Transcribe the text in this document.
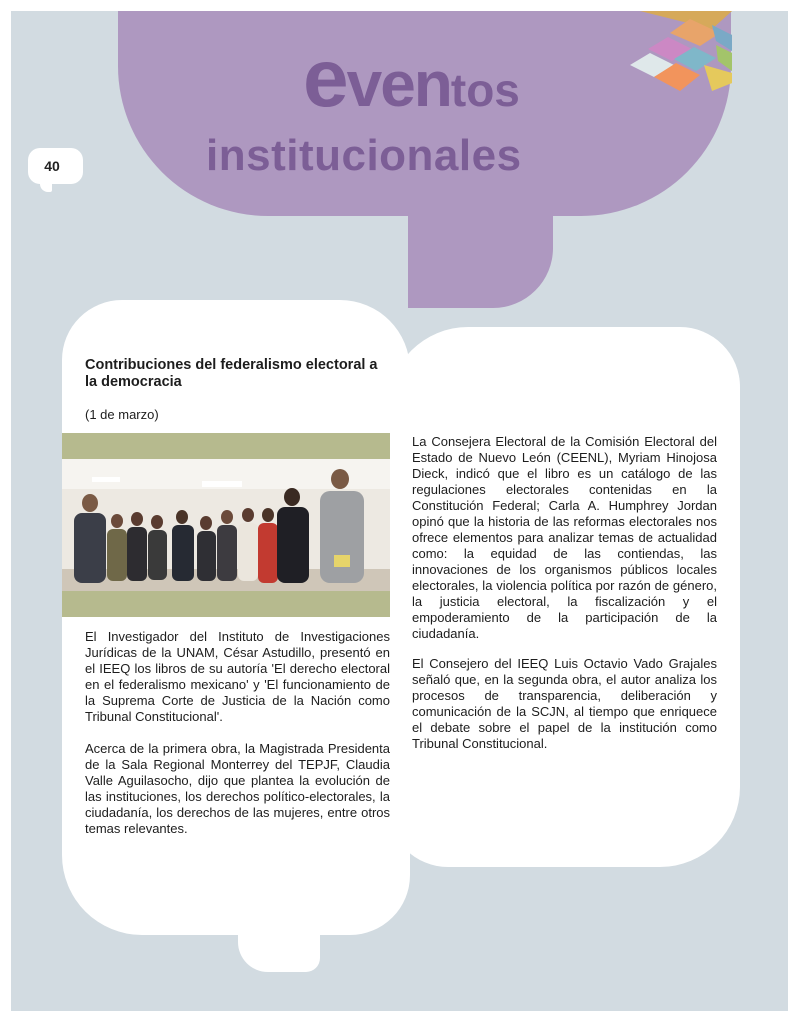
eventos
institucionales
40
Contribuciones del federalismo electoral a la democracia
(1 de marzo)

El Investigador del Instituto de Investigaciones Jurídicas de la UNAM, César Astudillo, presentó en el IEEQ los libros de su autoría 'El derecho electoral en el federalismo mexicano' y 'El funcionamiento de la Suprema Corte de Justicia de la Nación como Tribunal Constitucional'.

Acerca de la primera obra, la Magistrada Presidenta de la Sala Regional Monterrey del TEPJF, Claudia Valle Aguilasocho, dijo que plantea la evolución de las instituciones, los derechos político-electorales, la ciudadanía, los derechos de las mujeres, entre otros temas relevantes.

La Consejera Electoral de la Comisión Electoral del Estado de Nuevo León (CEENL), Myriam Hinojosa Dieck, indicó que el libro es un catálogo de las regulaciones electorales contenidas en la Constitución Federal; Carla A. Humphrey Jordan opinó que la historia de las reformas electorales nos ofrece elementos para analizar temas de actualidad como: la equidad de las contiendas, las innovaciones de los organismos públicos locales electorales, la violencia política por razón de género, la justicia electoral, la fiscalización y el empoderamiento de la participación de la ciudadanía.

El Consejero del IEEQ Luis Octavio Vado Grajales señaló que, en la segunda obra, el autor analiza los procesos de transparencia, deliberación y comunicación de la SCJN, al tiempo que enriquece el debate sobre el papel de la institución como Tribunal Constitucional.
